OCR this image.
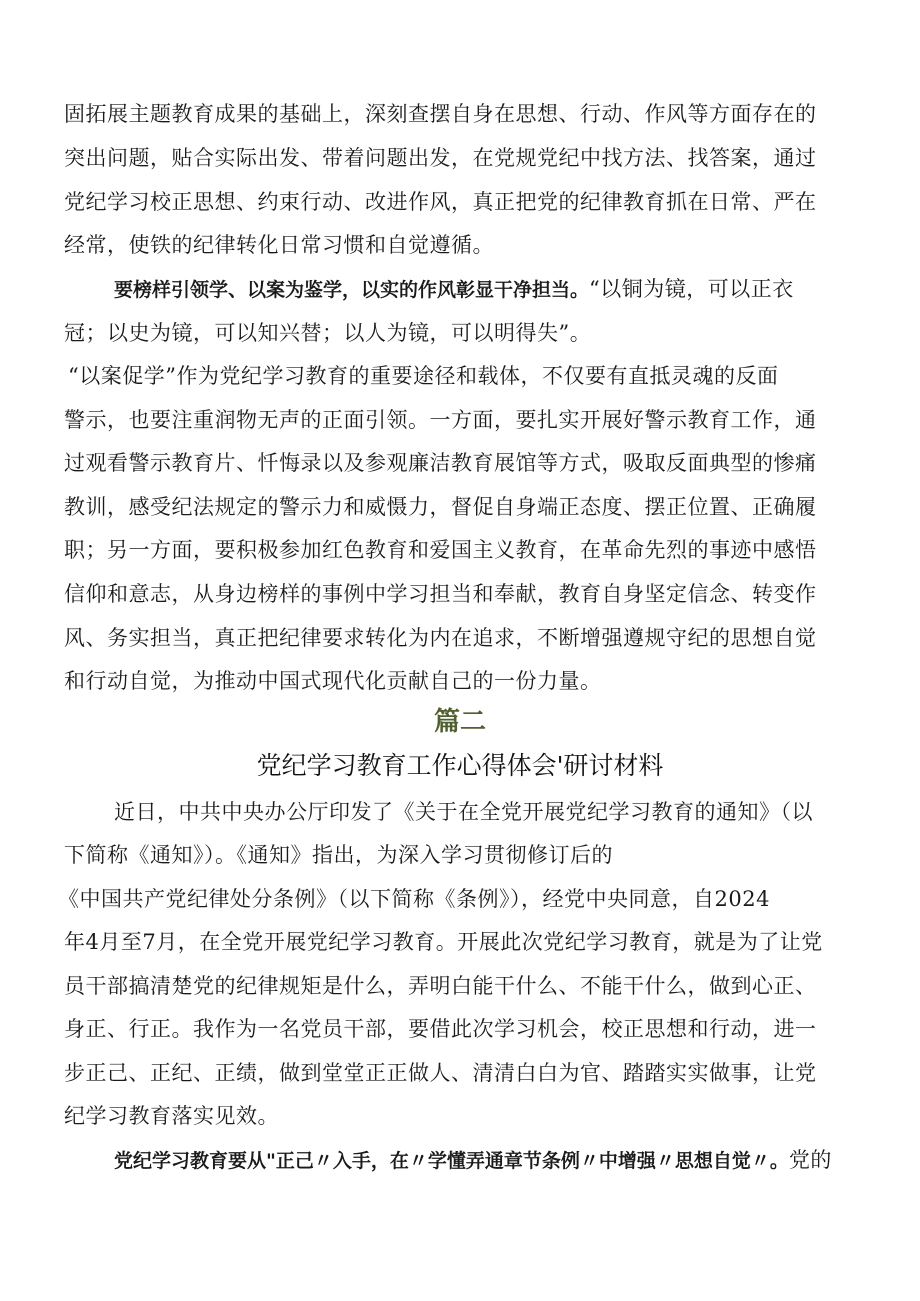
固拓展主题教育成果的基础上，深刻查摆自身在思想、行动、作风等方面存在的
突出问题，贴合实际出发、带着问题出发，在党规党纪中找方法、找答案，通过
党纪学习校正思想、约束行动、改进作风，真正把党的纪律教育抓在日常、严在
经常，使铁的纪律转化日常习惯和自觉遵循。
要榜样引领学、以案为鉴学，以实的作风彰显干净担当。“以铜为镜，可以正衣
冠；以史为镜，可以知兴替；以人为镜，可以明得失”。
“以案促学”作为党纪学习教育的重要途径和载体，不仅要有直抵灵魂的反面
警示，也要注重润物无声的正面引领。一方面，要扎实开展好警示教育工作，通
过观看警示教育片、忏悔录以及参观廉洁教育展馆等方式，吸取反面典型的惨痛
教训，感受纪法规定的警示力和威慑力，督促自身端正态度、摆正位置、正确履
职；另一方面，要积极参加红色教育和爱国主义教育，在革命先烈的事迹中感悟
信仰和意志，从身边榜样的事例中学习担当和奉献，教育自身坚定信念、转变作
风、务实担当，真正把纪律要求转化为内在追求，不断增强遵规守纪的思想自觉
和行动自觉，为推动中国式现代化贡献自己的一份力量。
篇二
党纪学习教育工作心得体会'研讨材料
近日，中共中央办公厅印发了《关于在全党开展党纪学习教育的通知》（以
下简称《通知》）。《通知》指出，为深入学习贯彻修订后的
《中国共产党纪律处分条例》（以下简称《条例》），经党中央同意，自2024
年4月至7月，在全党开展党纪学习教育。开展此次党纪学习教育，就是为了让党
员干部搞清楚党的纪律规矩是什么，弄明白能干什么、不能干什么，做到心正、
身正、行正。我作为一名党员干部，要借此次学习机会，校正思想和行动，进一
步正己、正纪、正绩，做到堂堂正正做人、清清白白为官、踏踏实实做事，让党
纪学习教育落实见效。
党纪学习教育要从"正己〃入手，在〃学懂弄通章节条例〃中增强〃思想自觉〃。党的
